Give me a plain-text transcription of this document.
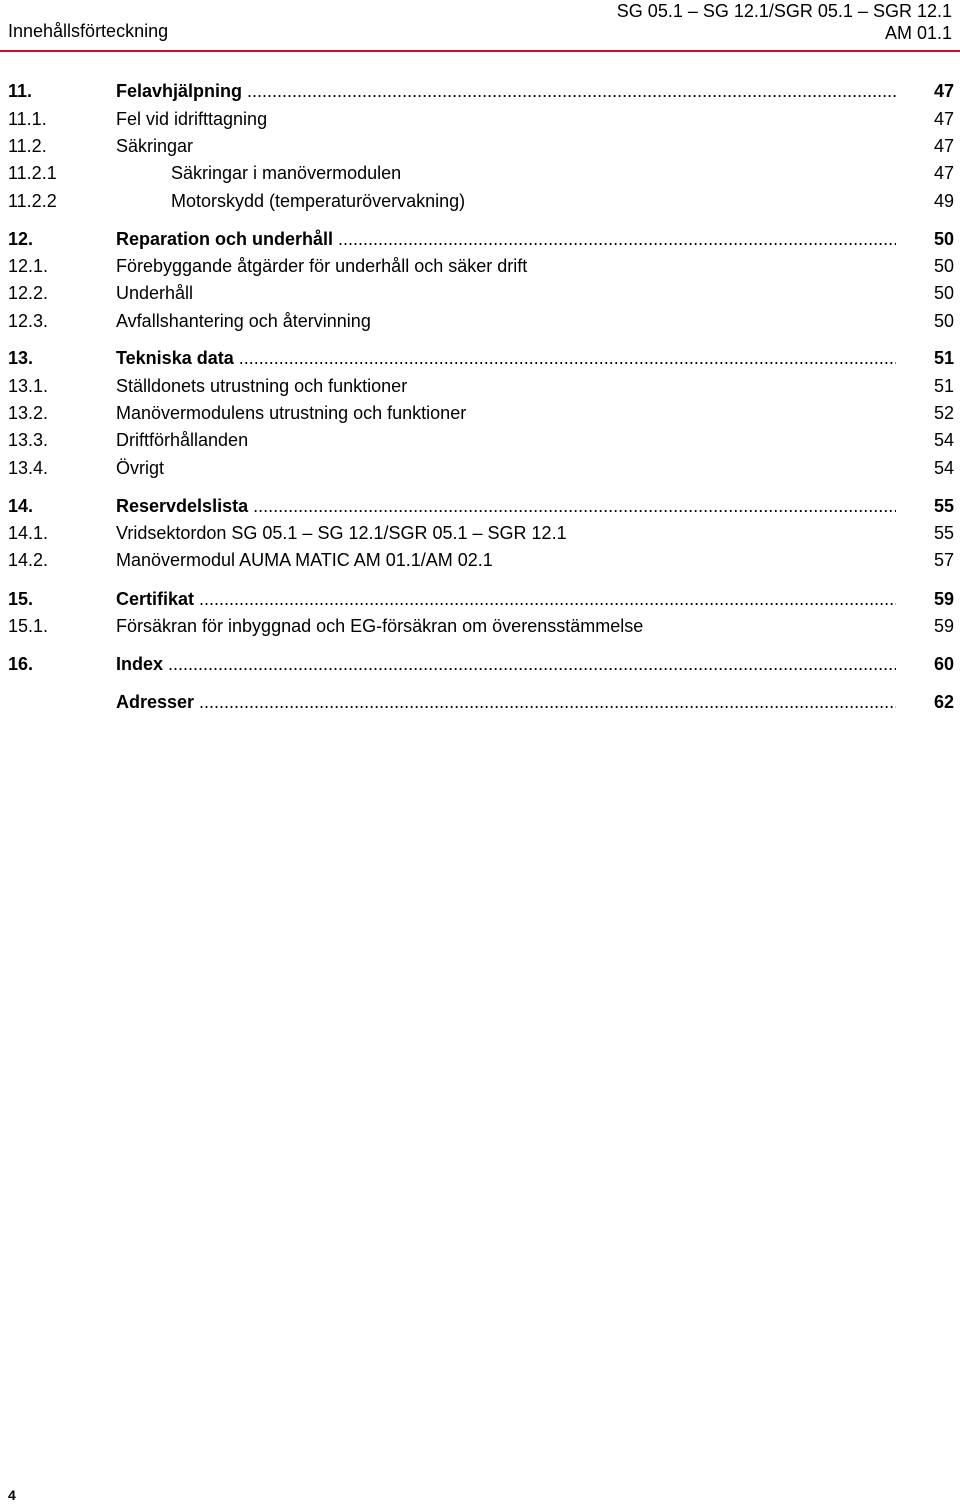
Innehållsförteckning
SG 05.1 – SG 12.1/SGR 05.1 – SGR 12.1
AM 01.1
11.	Felavhjälpning .....	47
11.1.	Fel vid idrifttagning	47
11.2.	Säkringar	47
11.2.1	Säkringar i manövermodulen	47
11.2.2	Motorskydd (temperaturövervakning)	49
12.	Reparation och underhåll .....	50
12.1.	Förebyggande åtgärder för underhåll och säker drift	50
12.2.	Underhåll	50
12.3.	Avfallshantering och återvinning	50
13.	Tekniska data .....	51
13.1.	Ställdonets utrustning och funktioner	51
13.2.	Manövermodulens utrustning och funktioner	52
13.3.	Driftförhållanden	54
13.4.	Övrigt	54
14.	Reservdelslista .....	55
14.1.	Vridsektordon SG 05.1 – SG 12.1/SGR 05.1 – SGR 12.1	55
14.2.	Manövermodul AUMA MATIC AM 01.1/AM 02.1	57
15.	Certifikat .....	59
15.1.	Försäkran för inbyggnad och EG-försäkran om överensstämmelse	59
16.	Index .....	60
Adresser .....	62
4
